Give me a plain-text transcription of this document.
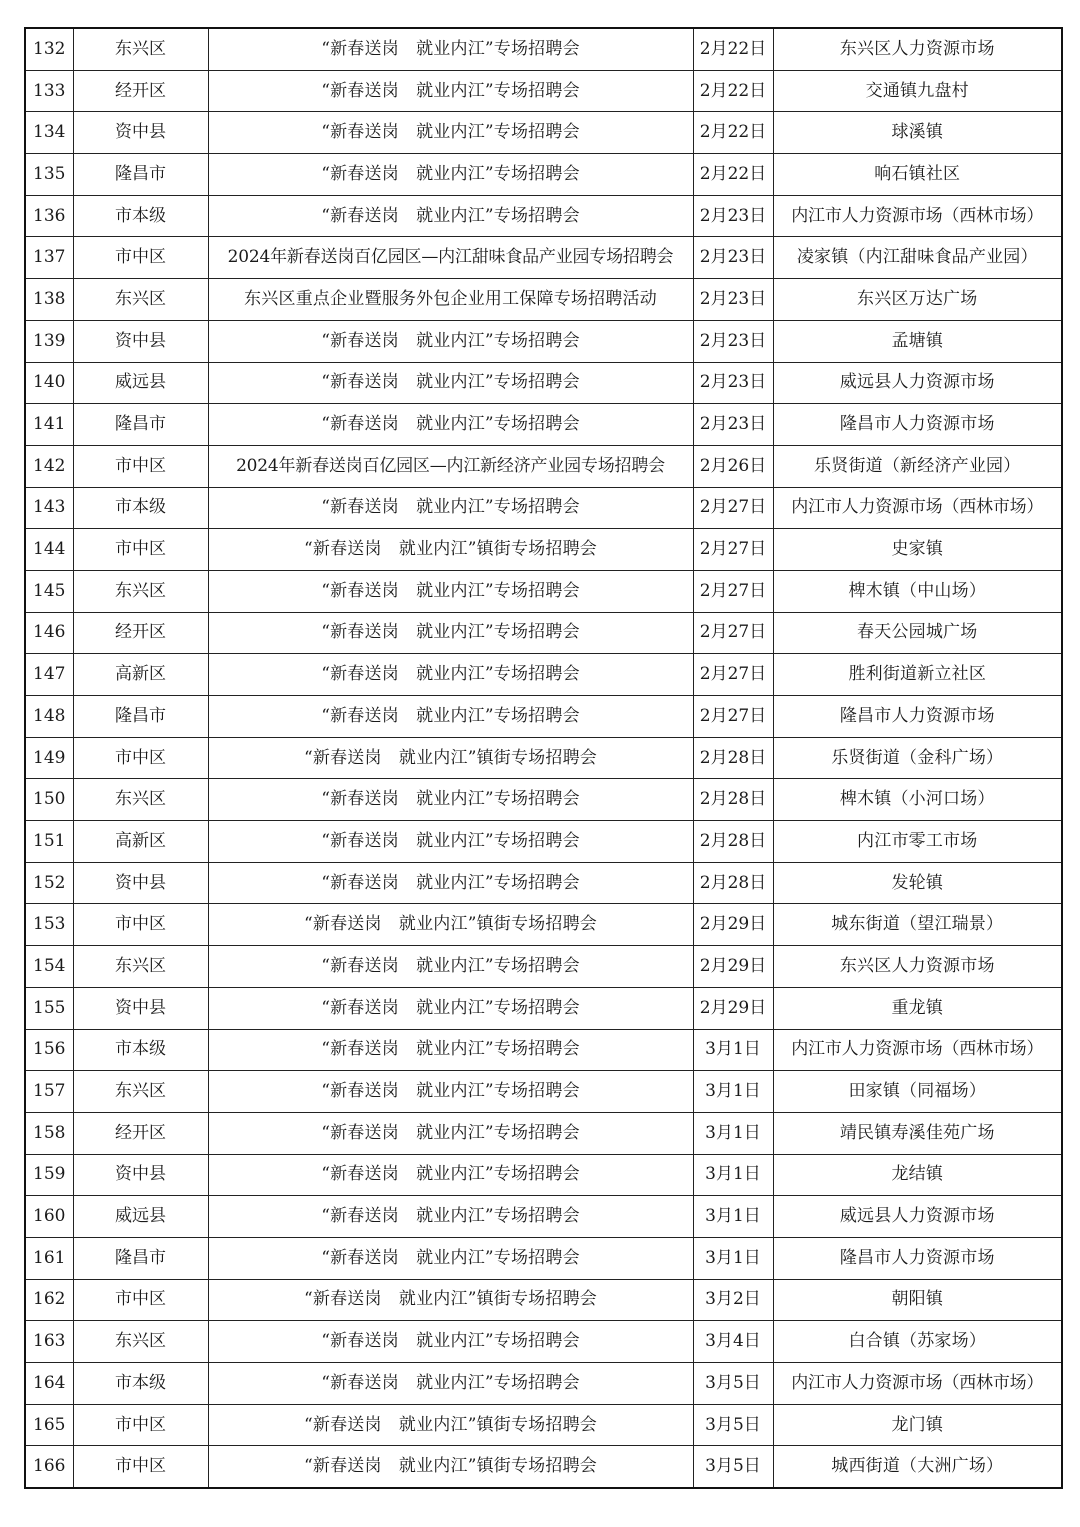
132	东兴区	“新春送岗　就业内江”专场招聘会	2月22日	东兴区人力资源市场
133	经开区	“新春送岗　就业内江”专场招聘会	2月22日	交通镇九盘村
134	资中县	“新春送岗　就业内江”专场招聘会	2月22日	球溪镇
135	隆昌市	“新春送岗　就业内江”专场招聘会	2月22日	响石镇社区
136	市本级	“新春送岗　就业内江”专场招聘会	2月23日	内江市人力资源市场（西林市场）
137	市中区	2024年新春送岗百亿园区—内江甜味食品产业园专场招聘会	2月23日	凌家镇（内江甜味食品产业园）
138	东兴区	东兴区重点企业暨服务外包企业用工保障专场招聘活动	2月23日	东兴区万达广场
139	资中县	“新春送岗　就业内江”专场招聘会	2月23日	孟塘镇
140	威远县	“新春送岗　就业内江”专场招聘会	2月23日	威远县人力资源市场
141	隆昌市	“新春送岗　就业内江”专场招聘会	2月23日	隆昌市人力资源市场
142	市中区	2024年新春送岗百亿园区—内江新经济产业园专场招聘会	2月26日	乐贤街道（新经济产业园）
143	市本级	“新春送岗　就业内江”专场招聘会	2月27日	内江市人力资源市场（西林市场）
144	市中区	“新春送岗　就业内江”镇街专场招聘会	2月27日	史家镇
145	东兴区	“新春送岗　就业内江”专场招聘会	2月27日	椑木镇（中山场）
146	经开区	“新春送岗　就业内江”专场招聘会	2月27日	春天公园城广场
147	高新区	“新春送岗　就业内江”专场招聘会	2月27日	胜利街道新立社区
148	隆昌市	“新春送岗　就业内江”专场招聘会	2月27日	隆昌市人力资源市场
149	市中区	“新春送岗　就业内江”镇街专场招聘会	2月28日	乐贤街道（金科广场）
150	东兴区	“新春送岗　就业内江”专场招聘会	2月28日	椑木镇（小河口场）
151	高新区	“新春送岗　就业内江”专场招聘会	2月28日	内江市零工市场
152	资中县	“新春送岗　就业内江”专场招聘会	2月28日	发轮镇
153	市中区	“新春送岗　就业内江”镇街专场招聘会	2月29日	城东街道（望江瑞景）
154	东兴区	“新春送岗　就业内江”专场招聘会	2月29日	东兴区人力资源市场
155	资中县	“新春送岗　就业内江”专场招聘会	2月29日	重龙镇
156	市本级	“新春送岗　就业内江”专场招聘会	3月1日	内江市人力资源市场（西林市场）
157	东兴区	“新春送岗　就业内江”专场招聘会	3月1日	田家镇（同福场）
158	经开区	“新春送岗　就业内江”专场招聘会	3月1日	靖民镇寿溪佳苑广场
159	资中县	“新春送岗　就业内江”专场招聘会	3月1日	龙结镇
160	威远县	“新春送岗　就业内江”专场招聘会	3月1日	威远县人力资源市场
161	隆昌市	“新春送岗　就业内江”专场招聘会	3月1日	隆昌市人力资源市场
162	市中区	“新春送岗　就业内江”镇街专场招聘会	3月2日	朝阳镇
163	东兴区	“新春送岗　就业内江”专场招聘会	3月4日	白合镇（苏家场）
164	市本级	“新春送岗　就业内江”专场招聘会	3月5日	内江市人力资源市场（西林市场）
165	市中区	“新春送岗　就业内江”镇街专场招聘会	3月5日	龙门镇
166	市中区	“新春送岗　就业内江”镇街专场招聘会	3月5日	城西街道（大洲广场）
